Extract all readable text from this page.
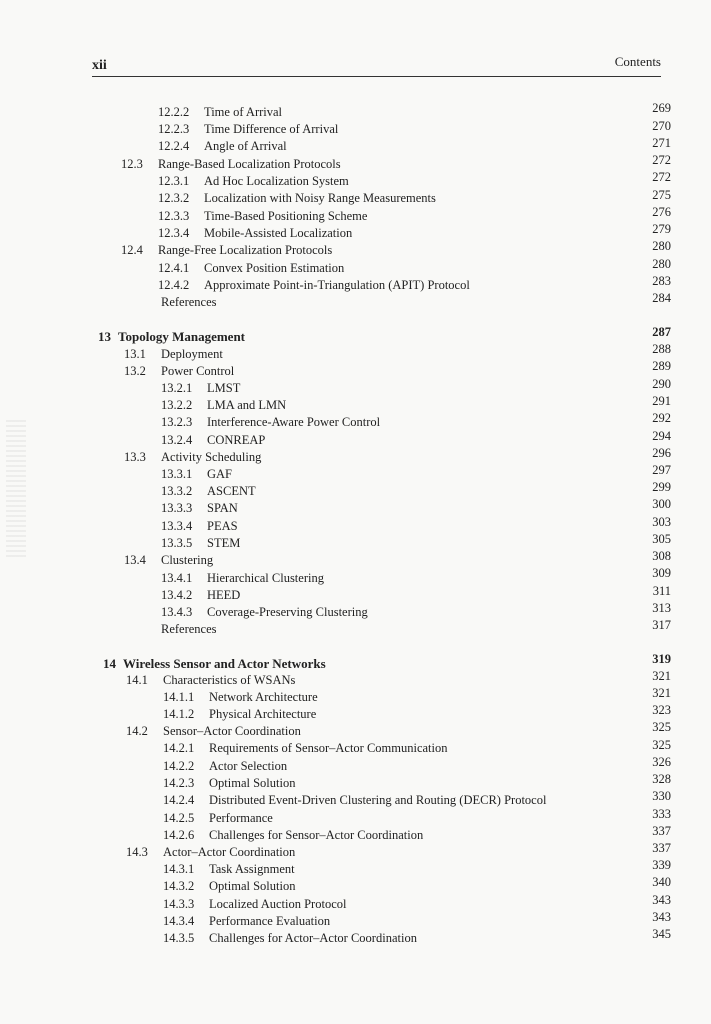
xii	Contents
12.2.2 Time of Arrival	269
12.2.3 Time Difference of Arrival	270
12.2.4 Angle of Arrival	271
12.3 Range-Based Localization Protocols	272
12.3.1 Ad Hoc Localization System	272
12.3.2 Localization with Noisy Range Measurements	275
12.3.3 Time-Based Positioning Scheme	276
12.3.4 Mobile-Assisted Localization	279
12.4 Range-Free Localization Protocols	280
12.4.1 Convex Position Estimation	280
12.4.2 Approximate Point-in-Triangulation (APIT) Protocol	283
References	284
13 Topology Management	287
13.1 Deployment	288
13.2 Power Control	289
13.2.1 LMST	290
13.2.2 LMA and LMN	291
13.2.3 Interference-Aware Power Control	292
13.2.4 CONREAP	294
13.3 Activity Scheduling	296
13.3.1 GAF	297
13.3.2 ASCENT	299
13.3.3 SPAN	300
13.3.4 PEAS	303
13.3.5 STEM	305
13.4 Clustering	308
13.4.1 Hierarchical Clustering	309
13.4.2 HEED	311
13.4.3 Coverage-Preserving Clustering	313
References	317
14 Wireless Sensor and Actor Networks	319
14.1 Characteristics of WSANs	321
14.1.1 Network Architecture	321
14.1.2 Physical Architecture	323
14.2 Sensor–Actor Coordination	325
14.2.1 Requirements of Sensor–Actor Communication	325
14.2.2 Actor Selection	326
14.2.3 Optimal Solution	328
14.2.4 Distributed Event-Driven Clustering and Routing (DECR) Protocol	330
14.2.5 Performance	333
14.2.6 Challenges for Sensor–Actor Coordination	337
14.3 Actor–Actor Coordination	337
14.3.1 Task Assignment	339
14.3.2 Optimal Solution	340
14.3.3 Localized Auction Protocol	343
14.3.4 Performance Evaluation	343
14.3.5 Challenges for Actor–Actor Coordination	345
